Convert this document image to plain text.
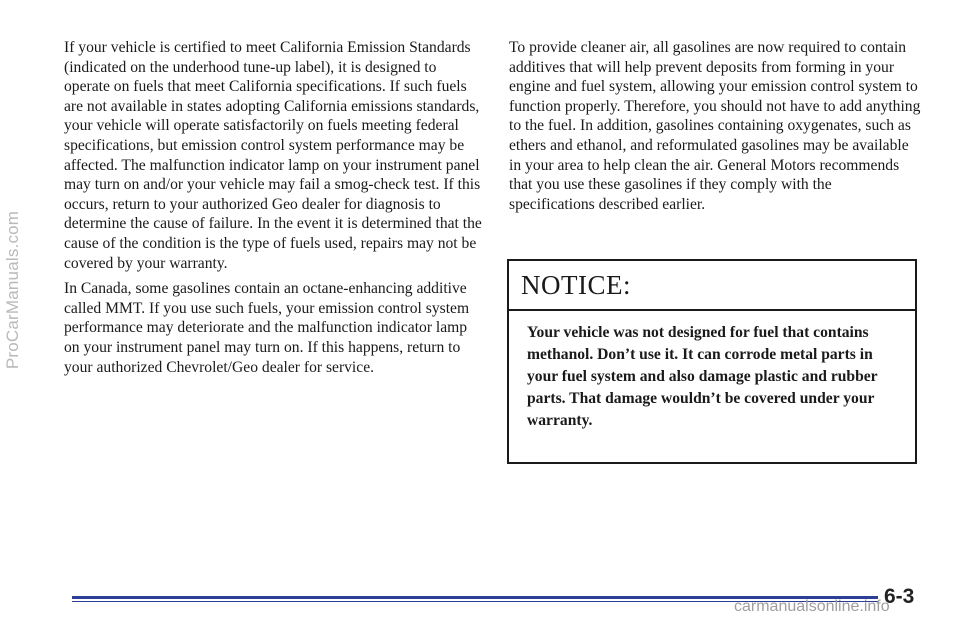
ProCarManuals.com

If your vehicle is certified to meet California Emission Standards (indicated on the underhood tune-up label), it is designed to operate on fuels that meet California specifications. If such fuels are not available in states adopting California emissions standards, your vehicle will operate satisfactorily on fuels meeting federal specifications, but emission control system performance may be affected. The malfunction indicator lamp on your instrument panel may turn on and/or your vehicle may fail a smog-check test. If this occurs, return to your authorized Geo dealer for diagnosis to determine the cause of failure. In the event it is determined that the cause of the condition is the type of fuels used, repairs may not be covered by your warranty.

In Canada, some gasolines contain an octane-enhancing additive called MMT. If you use such fuels, your emission control system performance may deteriorate and the malfunction indicator lamp on your instrument panel may turn on. If this happens, return to your authorized Chevrolet/Geo dealer for service.

To provide cleaner air, all gasolines are now required to contain additives that will help prevent deposits from forming in your engine and fuel system, allowing your emission control system to function properly. Therefore, you should not have to add anything to the fuel. In addition, gasolines containing oxygenates, such as ethers and ethanol, and reformulated gasolines may be available in your area to help clean the air. General Motors recommends that you use these gasolines if they comply with the specifications described earlier.

NOTICE:
Your vehicle was not designed for fuel that contains methanol. Don’t use it. It can corrode metal parts in your fuel system and also damage plastic and rubber parts. That damage wouldn’t be covered under your warranty.
carmanualsonline.info
6-3
